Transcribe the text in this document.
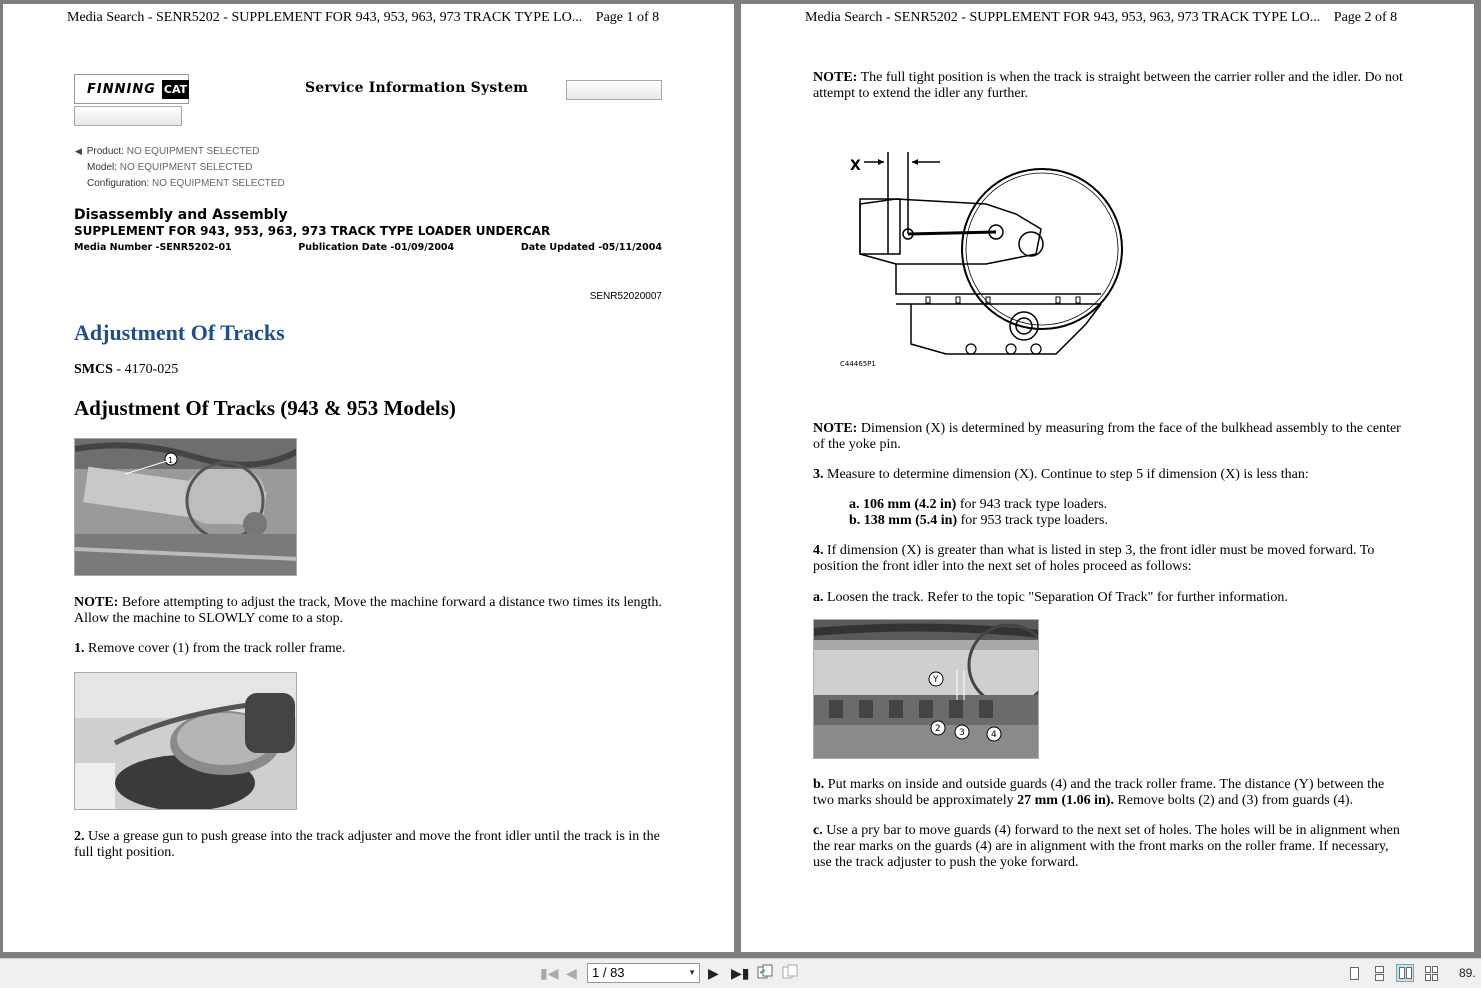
Media Search - SENR5202 - SUPPLEMENT FOR 943, 953, 963, 973 TRACK TYPE LO... Page 1 of 8
FINNING CAT	Service Information System
◀ Product: NO EQUIPMENT SELECTED
Model: NO EQUIPMENT SELECTED
Configuration: NO EQUIPMENT SELECTED
Disassembly and Assembly
SUPPLEMENT FOR 943, 953, 963, 973 TRACK TYPE LOADER UNDERCAR
Media Number -SENR5202-01	Publication Date -01/09/2004	Date Updated -05/11/2004
SENR52020007
Adjustment Of Tracks
SMCS - 4170-025
Adjustment Of Tracks (943 & 953 Models)
1
NOTE: Before attempting to adjust the track, Move the machine forward a distance two times its length. Allow the machine to SLOWLY come to a stop.
1. Remove cover (1) from the track roller frame.
2. Use a grease gun to push grease into the track adjuster and move the front idler until the track is in the full tight position.
Media Search - SENR5202 - SUPPLEMENT FOR 943, 953, 963, 973 TRACK TYPE LO... Page 2 of 8
NOTE: The full tight position is when the track is straight between the carrier roller and the idler. Do not attempt to extend the idler any further.
X
C44465P1
NOTE: Dimension (X) is determined by measuring from the face of the bulkhead assembly to the center of the yoke pin.
3. Measure to determine dimension (X). Continue to step 5 if dimension (X) is less than:
a. 106 mm (4.2 in) for 943 track type loaders.
b. 138 mm (5.4 in) for 953 track type loaders.
4. If dimension (X) is greater than what is listed in step 3, the front idler must be moved forward. To position the front idler into the next set of holes proceed as follows:
a. Loosen the track. Refer to the topic "Separation Of Track" for further information.
Y
2 3	4
b. Put marks on inside and outside guards (4) and the track roller frame. The distance (Y) between the two marks should be approximately 27 mm (1.06 in). Remove bolts (2) and (3) from guards (4).
c. Use a pry bar to move guards (4) forward to the next set of holes. The holes will be in alignment when the rear marks on the guards (4) are in alignment with the front marks on the roller frame. If necessary, use the track adjuster to push the yoke forward.
▮◀ ◀	1 / 83	▼ ▶ ▶▮	89.
